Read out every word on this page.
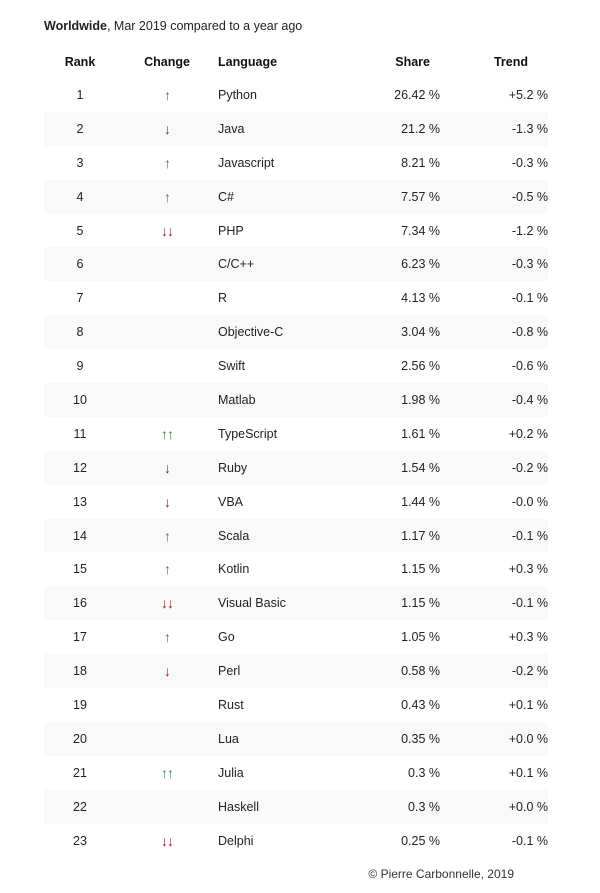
Worldwide, Mar 2019 compared to a year ago
Rank	Change	Language	Share	Trend
1	↑	Python	26.42 %	+5.2 %
2	↓	Java	21.2 %	-1.3 %
3	↑	Javascript	8.21 %	-0.3 %
4	↑	C#	7.57 %	-0.5 %
5	↓↓	PHP	7.34 %	-1.2 %
6		C/C++	6.23 %	-0.3 %
7		R	4.13 %	-0.1 %
8		Objective-C	3.04 %	-0.8 %
9		Swift	2.56 %	-0.6 %
10		Matlab	1.98 %	-0.4 %
11	↑↑	TypeScript	1.61 %	+0.2 %
12	↓	Ruby	1.54 %	-0.2 %
13	↓	VBA	1.44 %	-0.0 %
14	↑	Scala	1.17 %	-0.1 %
15	↑	Kotlin	1.15 %	+0.3 %
16	↓↓	Visual Basic	1.15 %	-0.1 %
17	↑	Go	1.05 %	+0.3 %
18	↓	Perl	0.58 %	-0.2 %
19		Rust	0.43 %	+0.1 %
20		Lua	0.35 %	+0.0 %
21	↑↑	Julia	0.3 %	+0.1 %
22		Haskell	0.3 %	+0.0 %
23	↓↓	Delphi	0.25 %	-0.1 %
© Pierre Carbonnelle, 2019
